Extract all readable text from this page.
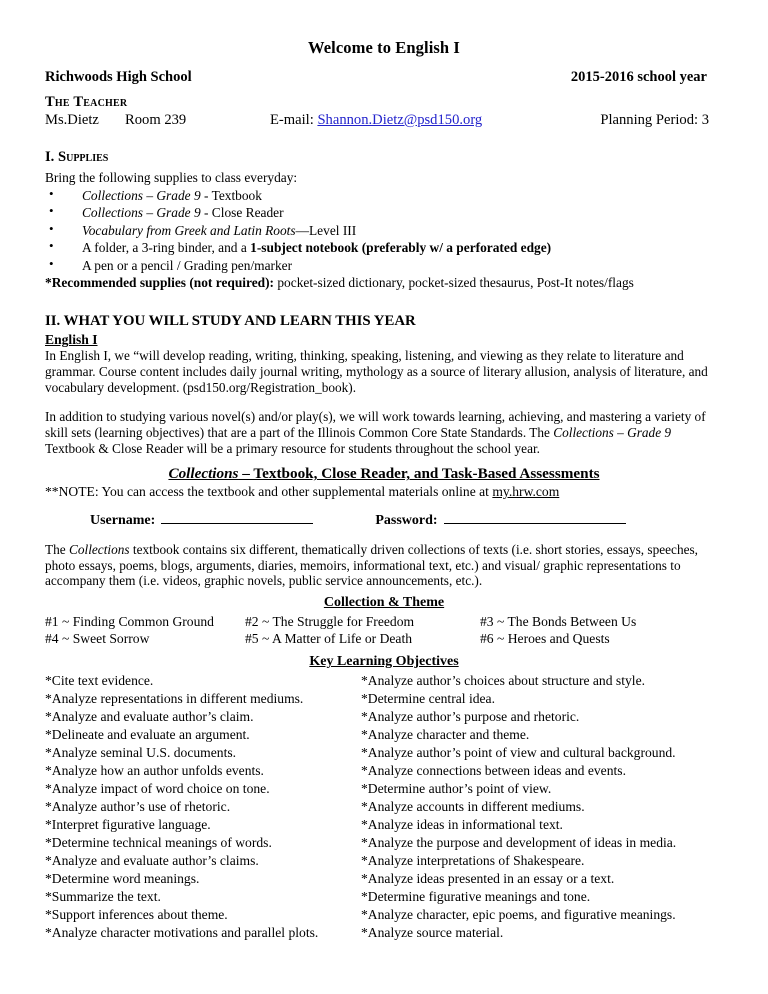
Welcome to English I
Richwoods High School	2015-2016 school year
The Teacher
Ms.Dietz	Room 239	E-mail: Shannon.Dietz@psd150.org	Planning Period: 3
I. Supplies
Bring the following supplies to class everyday:
• Collections – Grade 9 - Textbook
• Collections – Grade 9 - Close Reader
• Vocabulary from Greek and Latin Roots—Level III
• A folder, a 3-ring binder, and a 1-subject notebook (preferably w/ a perforated edge)
• A pen or a pencil / Grading pen/marker
*Recommended supplies (not required): pocket-sized dictionary, pocket-sized thesaurus, Post-It notes/flags
II. WHAT YOU WILL STUDY AND LEARN THIS YEAR
English I

In English I, we “will develop reading, writing, thinking, speaking, listening, and viewing as they relate to literature and grammar. Course content includes daily journal writing, mythology as a source of literary allusion, analysis of literature, and vocabulary development. (psd150.org/Registration_book).

In addition to studying various novel(s) and/or play(s), we will work towards learning, achieving, and mastering a variety of skill sets (learning objectives) that are a part of the Illinois Common Core State Standards. The Collections – Grade 9 Textbook & Close Reader will be a primary resource for students throughout the school year.

Collections – Textbook, Close Reader, and Task-Based Assessments
**NOTE: You can access the textbook and other supplemental materials online at my.hrw.com
Username:	Password:

The Collections textbook contains six different, thematically driven collections of texts (i.e. short stories, essays, speeches, photo essays, poems, blogs, arguments, diaries, memoirs, informational text, etc.) and visual/ graphic representations to accompany them (i.e. videos, graphic novels, public service announcements, etc.).

Collection & Theme
#1 ~ Finding Common Ground	#2 ~ The Struggle for Freedom	#3 ~ The Bonds Between Us
#4 ~ Sweet Sorrow	#5 ~ A Matter of Life or Death	#6 ~ Heroes and Quests
Key Learning Objectives
*Cite text evidence.	*Analyze author’s choices about structure and style.
*Analyze representations in different mediums.	*Determine central idea.
*Analyze and evaluate author’s claim.	*Analyze author’s purpose and rhetoric.
*Delineate and evaluate an argument.	*Analyze character and theme.
*Analyze seminal U.S. documents.	*Analyze author’s point of view and cultural background.
*Analyze how an author unfolds events.	*Analyze connections between ideas and events.
*Analyze impact of word choice on tone.	*Determine author’s point of view.
*Analyze author’s use of rhetoric.	*Analyze accounts in different mediums.
*Interpret figurative language.	*Analyze ideas in informational text.
*Determine technical meanings of words.	*Analyze the purpose and development of ideas in media.
*Analyze and evaluate author’s claims.	*Analyze interpretations of Shakespeare.
*Determine word meanings.	*Analyze ideas presented in an essay or a text.
*Summarize the text.	*Determine figurative meanings and tone.
*Support inferences about theme.	*Analyze character, epic poems, and figurative meanings.
*Analyze character motivations and parallel plots.	*Analyze source material.
